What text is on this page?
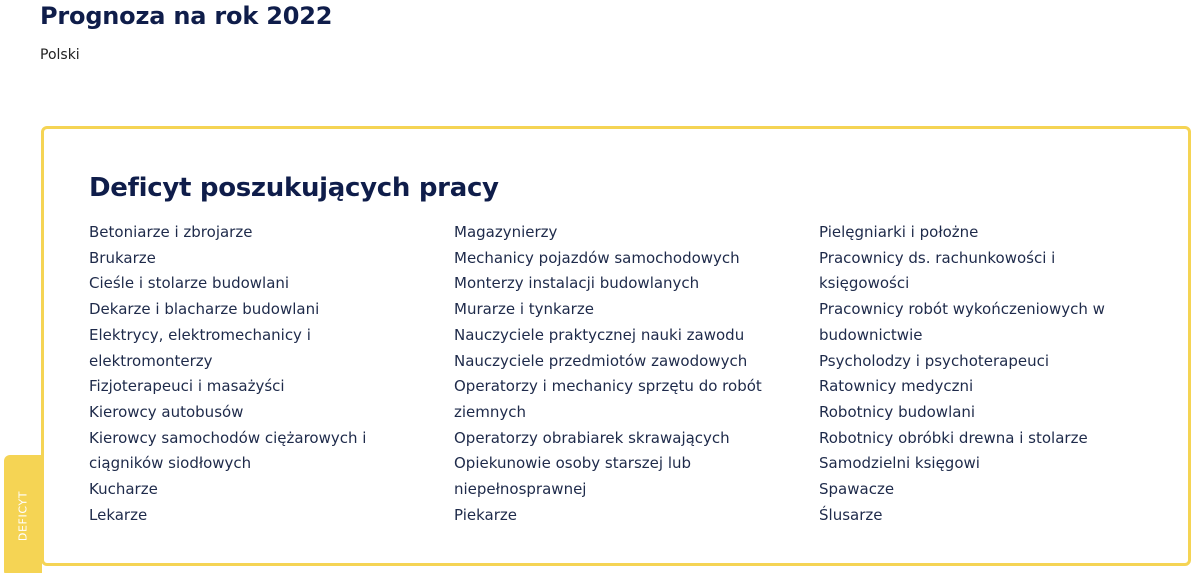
Prognoza na rok 2022
Polski
Deficyt poszukujących pracy
Betoniarze i zbrojarze
Brukarze
Cieśle i stolarze budowlani
Dekarze i blacharze budowlani
Elektrycy, elektromechanicy i elektromonterzy
Fizjoterapeuci i masażyści
Kierowcy autobusów
Kierowcy samochodów ciężarowych i ciągników siodłowych
Kucharze
Lekarze
Magazynierzy
Mechanicy pojazdów samochodowych
Monterzy instalacji budowlanych
Murarze i tynkarze
Nauczyciele praktycznej nauki zawodu
Nauczyciele przedmiotów zawodowych
Operatorzy i mechanicy sprzętu do robót ziemnych
Operatorzy obrabiarek skrawających
Opiekunowie osoby starszej lub niepełnosprawnej
Piekarze
Pielęgniarki i położne
Pracownicy ds. rachunkowości i księgowości
Pracownicy robót wykończeniowych w budownictwie
Psycholodzy i psychoterapeuci
Ratownicy medyczni
Robotnicy budowlani
Robotnicy obróbki drewna i stolarze
Samodzielni księgowi
Spawacze
Ślusarze
DEFICYT
